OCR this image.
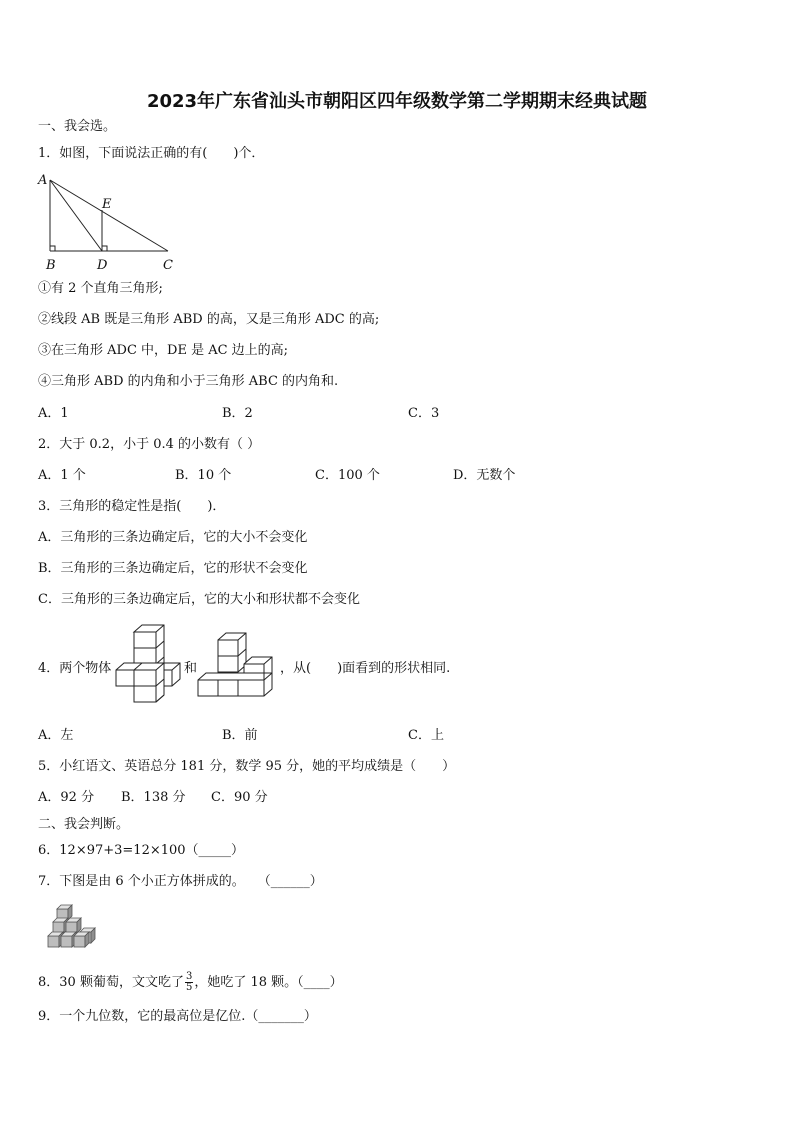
2023年广东省汕头市朝阳区四年级数学第二学期期末经典试题
一、我会选。
1．如图，下面说法正确的有(　　)个．
A
B	D	C
E
①有 2 个直角三角形;
②线段 AB 既是三角形 ABD 的高，又是三角形 ADC 的高;
③在三角形 ADC 中，DE 是 AC 边上的高;
④三角形 ABD 的内角和小于三角形 ABC 的内角和.
A．1	B．2	C．3
2．大于 0.2，小于 0.4 的小数有（ ）
A．1 个	B．10 个	C．100 个	D．无数个
3．三角形的稳定性是指(　　)．
A．三角形的三条边确定后，它的大小不会变化
B．三角形的三条边确定后，它的形状不会变化
C．三角形的三条边确定后，它的大小和形状都不会变化
4．两个物体	和	，从(　　)面看到的形状相同.
A．左	B．前	C．上
5．小红语文、英语总分 181 分，数学 95 分，她的平均成绩是（　　）
A．92 分 B．138 分 C．90 分
二、我会判断。
6．12×97+3=12×100（_____）
7．下图是由 6 个小正方体拼成的。　　（______）
8．30 颗葡萄，文文吃了 $\frac{3}{5}$ ，她吃了 18 颗。（____）
9．一个九位数，它的最高位是亿位.（_______）
